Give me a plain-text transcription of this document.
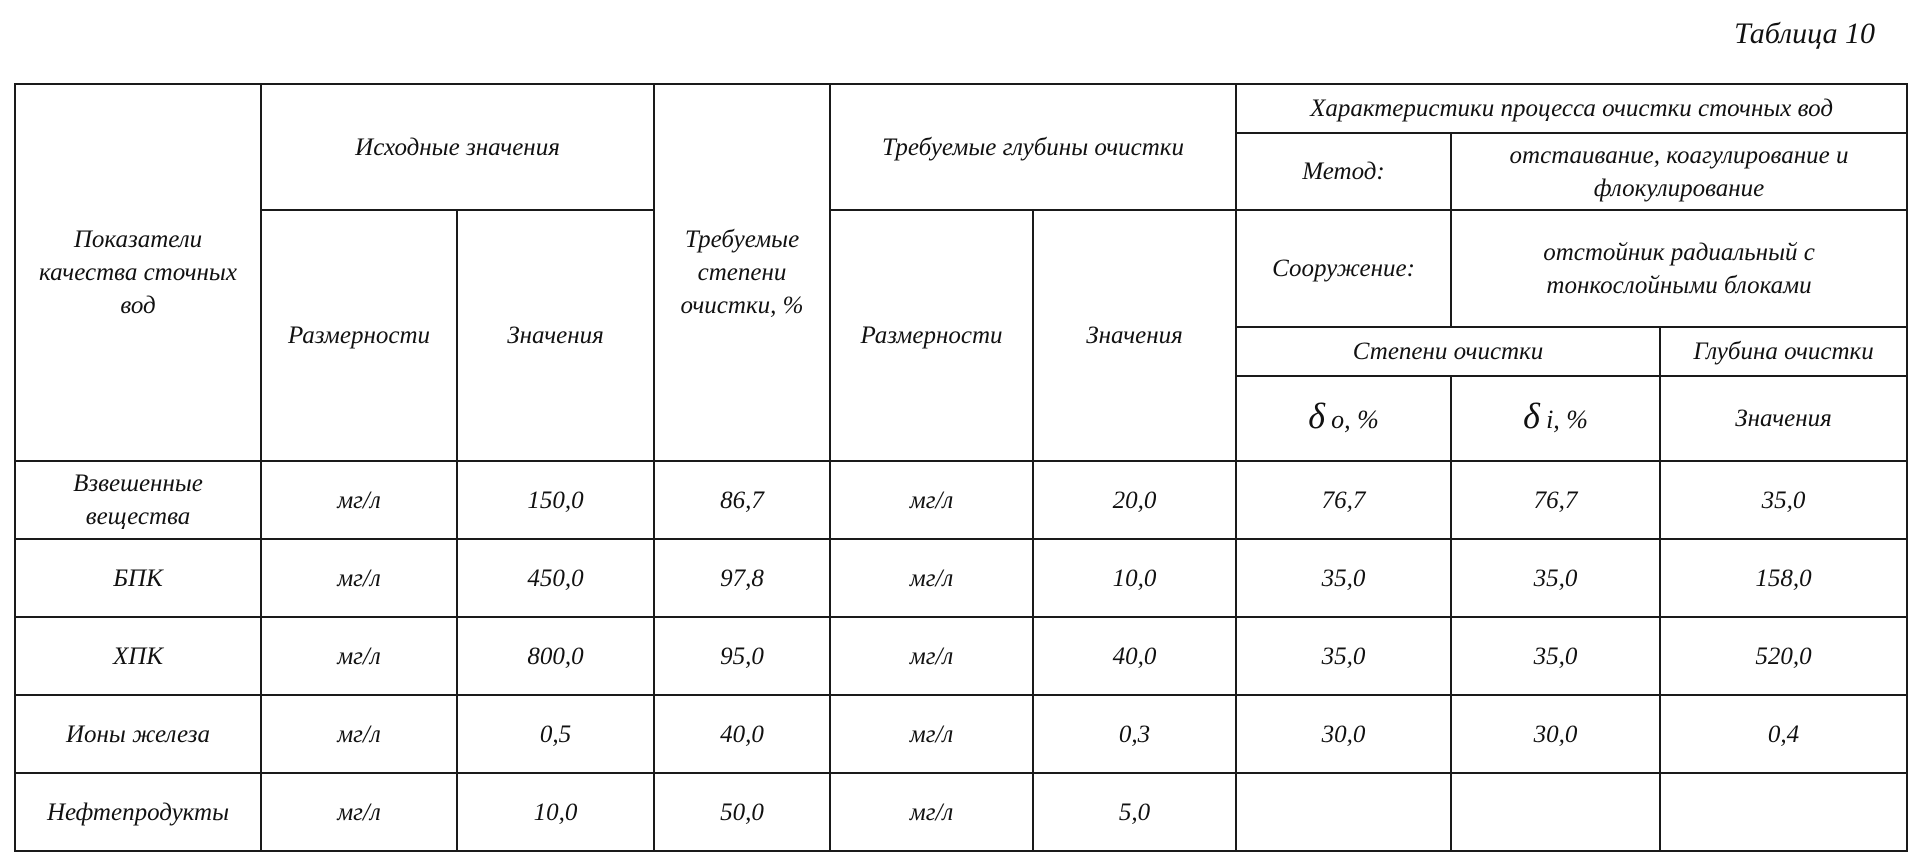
Таблица 10
Показатели качества сточных вод	Исходные значения		Требуемые степени очистки, %	Требуемые глубины очистки		Характеристики процесса очистки сточных вод		
						Метод:	отстаивание, коагулирование и флокулирование	
	Размерности	Значения		Размерности	Значения	Сооружение:	отстойник радиальный с тонкослойными блоками	
						Степени очистки		Глубина очистки
						δ o, %	δ i, %	Значения

Взвешенные вещества	мг/л	150,0	86,7	мг/л	20,0	76,7	76,7	35,0
БПК	мг/л	450,0	97,8	мг/л	10,0	35,0	35,0	158,0
ХПК	мг/л	800,0	95,0	мг/л	40,0	35,0	35,0	520,0
Ионы железа	мг/л	0,5	40,0	мг/л	0,3	30,0	30,0	0,4
Нефтепродукты	мг/л	10,0	50,0	мг/л	5,0			
